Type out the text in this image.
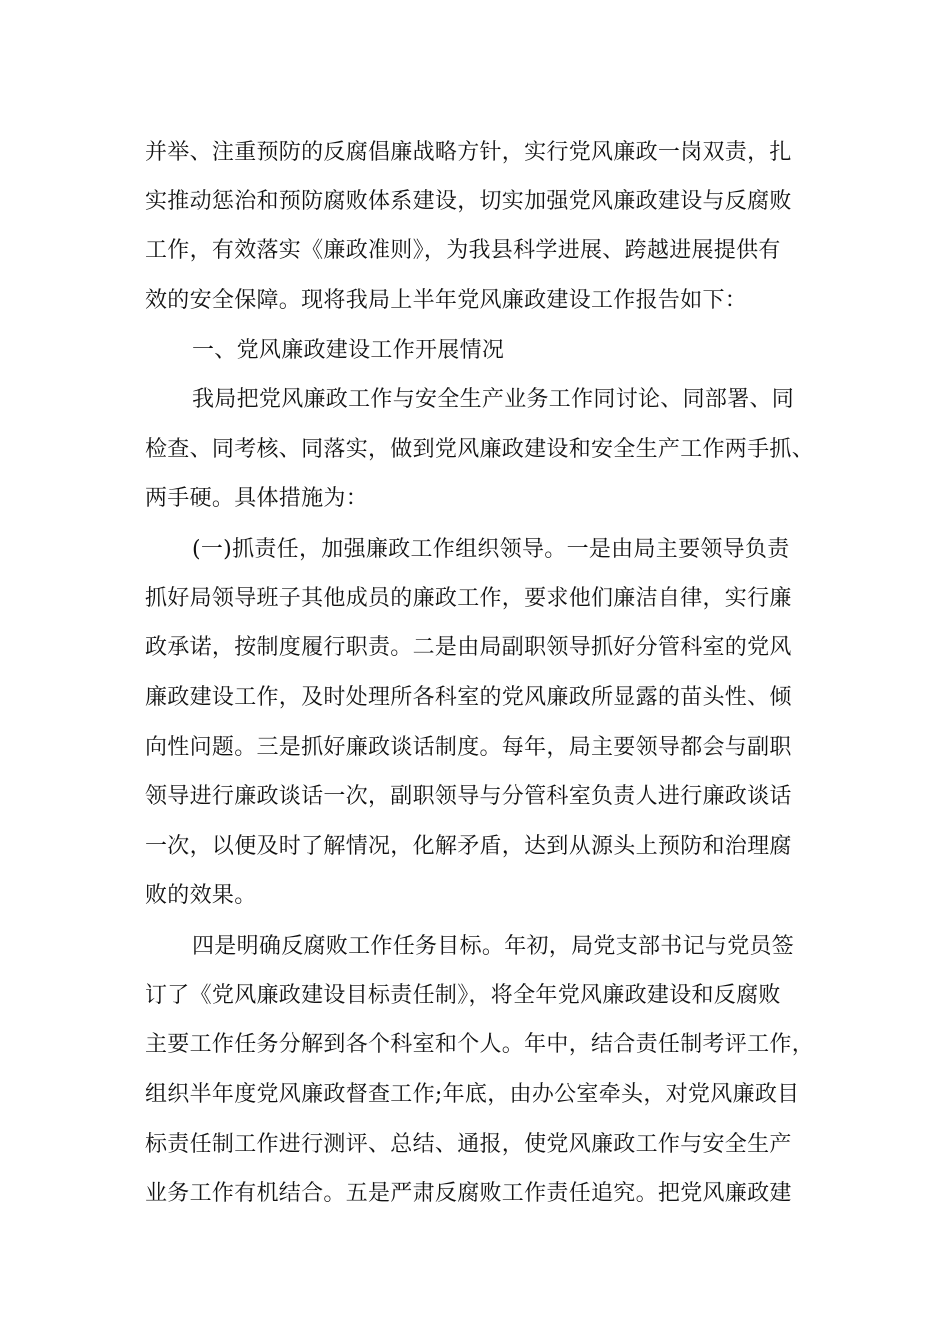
并举、注重预防的反腐倡廉战略方针，实行党风廉政一岗双责，扎
实推动惩治和预防腐败体系建设，切实加强党风廉政建设与反腐败
工作，有效落实《廉政准则》，为我县科学进展、跨越进展提供有
效的安全保障。现将我局上半年党风廉政建设工作报告如下：
一、党风廉政建设工作开展情况
我局把党风廉政工作与安全生产业务工作同讨论、同部署、同
检查、同考核、同落实，做到党风廉政建设和安全生产工作两手抓、
两手硬。具体措施为：
(一)抓责任，加强廉政工作组织领导。一是由局主要领导负责
抓好局领导班子其他成员的廉政工作，要求他们廉洁自律，实行廉
政承诺，按制度履行职责。二是由局副职领导抓好分管科室的党风
廉政建设工作，及时处理所各科室的党风廉政所显露的苗头性、倾
向性问题。三是抓好廉政谈话制度。每年，局主要领导都会与副职
领导进行廉政谈话一次，副职领导与分管科室负责人进行廉政谈话
一次，以便及时了解情况，化解矛盾，达到从源头上预防和治理腐
败的效果。
四是明确反腐败工作任务目标。年初，局党支部书记与党员签
订了《党风廉政建设目标责任制》，将全年党风廉政建设和反腐败
主要工作任务分解到各个科室和个人。年中，结合责任制考评工作，
组织半年度党风廉政督查工作;年底，由办公室牵头，对党风廉政目
标责任制工作进行测评、总结、通报，使党风廉政工作与安全生产
业务工作有机结合。五是严肃反腐败工作责任追究。把党风廉政建
